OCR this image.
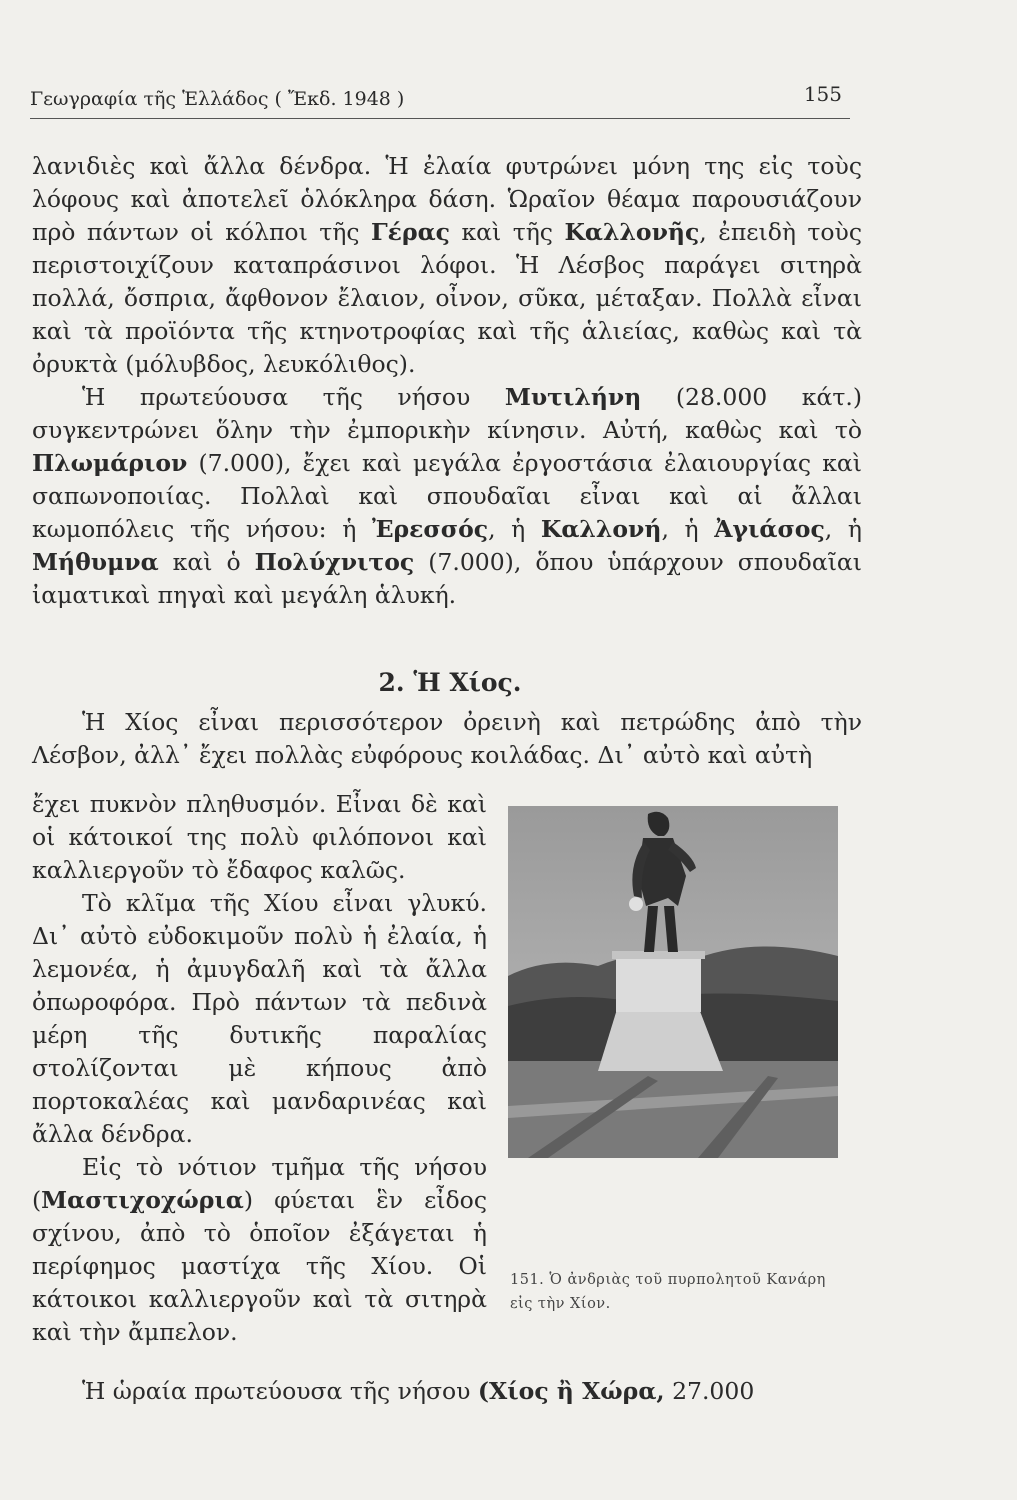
Γεωγραφία τῆς Ἑλλάδος ( Ἔκδ. 1948 )	155

λανιδιὲς καὶ ἄλλα δένδρα. Ἡ ἐλαία φυτρώνει μόνη της εἰς τοὺς λόφους καὶ ἀποτελεῖ ὁλόκληρα δάση. Ὡραῖον θέαμα παρουσιάζουν πρὸ πάντων οἱ κόλποι τῆς Γέρας καὶ τῆς Καλλονῆς, ἐπειδὴ τοὺς περιστοιχίζουν καταπράσινοι λόφοι. Ἡ Λέσβος παράγει σιτηρὰ πολλά, ὄσπρια, ἄφθονον ἔλαιον, οἶνον, σῦκα, μέταξαν. Πολλὰ εἶναι καὶ τὰ προϊόντα τῆς κτηνοτροφίας καὶ τῆς ἁλιείας, καθὼς καὶ τὰ ὀρυκτὰ (μόλυβδος, λευκόλιθος).

Ἡ πρωτεύουσα τῆς νήσου Μυτιλήνη (28.000 κάτ.) συγκεντρώνει ὅλην τὴν ἐμπορικὴν κίνησιν. Αὐτή, καθὼς καὶ τὸ Πλωμάριον (7.000), ἔχει καὶ μεγάλα ἐργοστάσια ἐλαιουργίας καὶ σαπωνοποιίας. Πολλαὶ καὶ σπουδαῖαι εἶναι καὶ αἱ ἄλλαι κωμοπόλεις τῆς νήσου: ἡ Ἐρεσσός, ἡ Καλλονή, ἡ Ἀγιάσος, ἡ Μήθυμνα καὶ ὁ Πολύχνιτος (7.000), ὅπου ὑπάρχουν σπουδαῖαι ἰαματικαὶ πηγαὶ καὶ μεγάλη ἁλυκή.

2. Ἡ Χίος.
Ἡ Χίος εἶναι περισσότερον ὀρεινὴ καὶ πετρώδης ἀπὸ τὴν Λέσβον, ἀλλ᾽ ἔχει πολλὰς εὐφόρους κοιλάδας. Δι᾽ αὐτὸ καὶ αὐτὴ

ἔχει πυκνὸν πληθυσμόν. Εἶναι δὲ καὶ οἱ κάτοικοί της πολὺ φιλόπονοι καὶ καλλιεργοῦν τὸ ἔδαφος καλῶς.

Τὸ κλῖμα τῆς Χίου εἶναι γλυκύ. Δι᾽ αὐτὸ εὐδοκιμοῦν πολὺ ἡ ἐλαία, ἡ λεμονέα, ἡ ἀμυγδαλῆ καὶ τὰ ἄλλα ὀπωροφόρα. Πρὸ πάντων τὰ πεδινὰ μέρη τῆς δυτικῆς παραλίας στολίζονται μὲ κήπους ἀπὸ πορτοκαλέας καὶ μανδαρινέας καὶ ἄλλα δένδρα.

Εἰς τὸ νότιον τμῆμα τῆς νήσου (Μαστιχοχώρια) φύεται ἓν εἶδος σχίνου, ἀπὸ τὸ ὁποῖον ἐξάγεται ἡ περίφημος μαστίχα τῆς Χίου. Οἱ κάτοικοι καλλιεργοῦν καὶ τὰ σιτηρὰ καὶ τὴν ἄμπελον.

151. Ὁ ἀνδριὰς τοῦ πυρπολητοῦ Κανάρη εἰς τὴν Χίον.
Ἡ ὡραία πρωτεύουσα τῆς νήσου (Χίος ἢ Χώρα, 27.000
